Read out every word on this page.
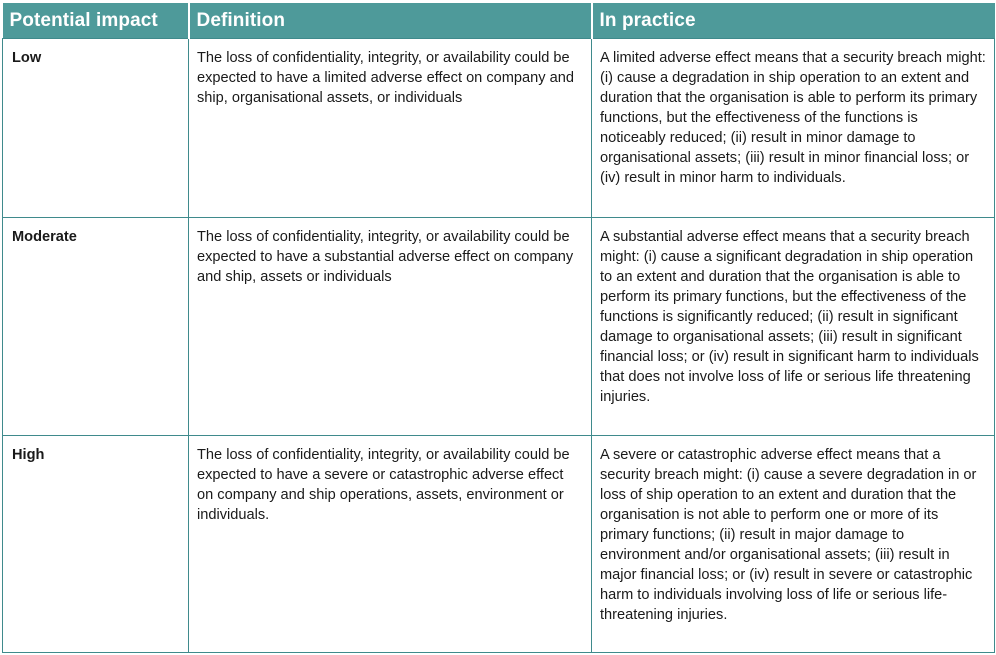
Potential impact	Definition	In practice
Low	The loss of confidentiality, integrity, or availability could be expected to have a limited adverse effect on company and ship, organisational assets, or individuals	A limited adverse effect means that a security breach might: (i) cause a degradation in ship operation to an extent and duration that the organisation is able to perform its primary functions, but the effectiveness of the functions is noticeably reduced; (ii) result in minor damage to organisational assets; (iii) result in minor financial loss; or (iv) result in minor harm to individuals.
Moderate	The loss of confidentiality, integrity, or availability could be expected to have a substantial adverse effect on company and ship, assets or individuals	A substantial adverse effect means that a security breach might: (i) cause a significant degradation in ship operation to an extent and duration that the organisation is able to perform its primary functions, but the effectiveness of the functions is significantly reduced; (ii) result in significant damage to organisational assets; (iii) result in significant financial loss; or (iv) result in significant harm to individuals that does not involve loss of life or serious life threatening injuries.
High	The loss of confidentiality, integrity, or availability could be expected to have a severe or catastrophic adverse effect on company and ship operations, assets, environment or individuals.	A severe or catastrophic adverse effect means that a security breach might: (i) cause a severe degradation in or loss of ship operation to an extent and duration that the organisation is not able to perform one or more of its primary functions; (ii) result in major damage to environment and/or organisational assets; (iii) result in major financial loss; or (iv) result in severe or catastrophic harm to individuals involving loss of life or serious life-threatening injuries.
